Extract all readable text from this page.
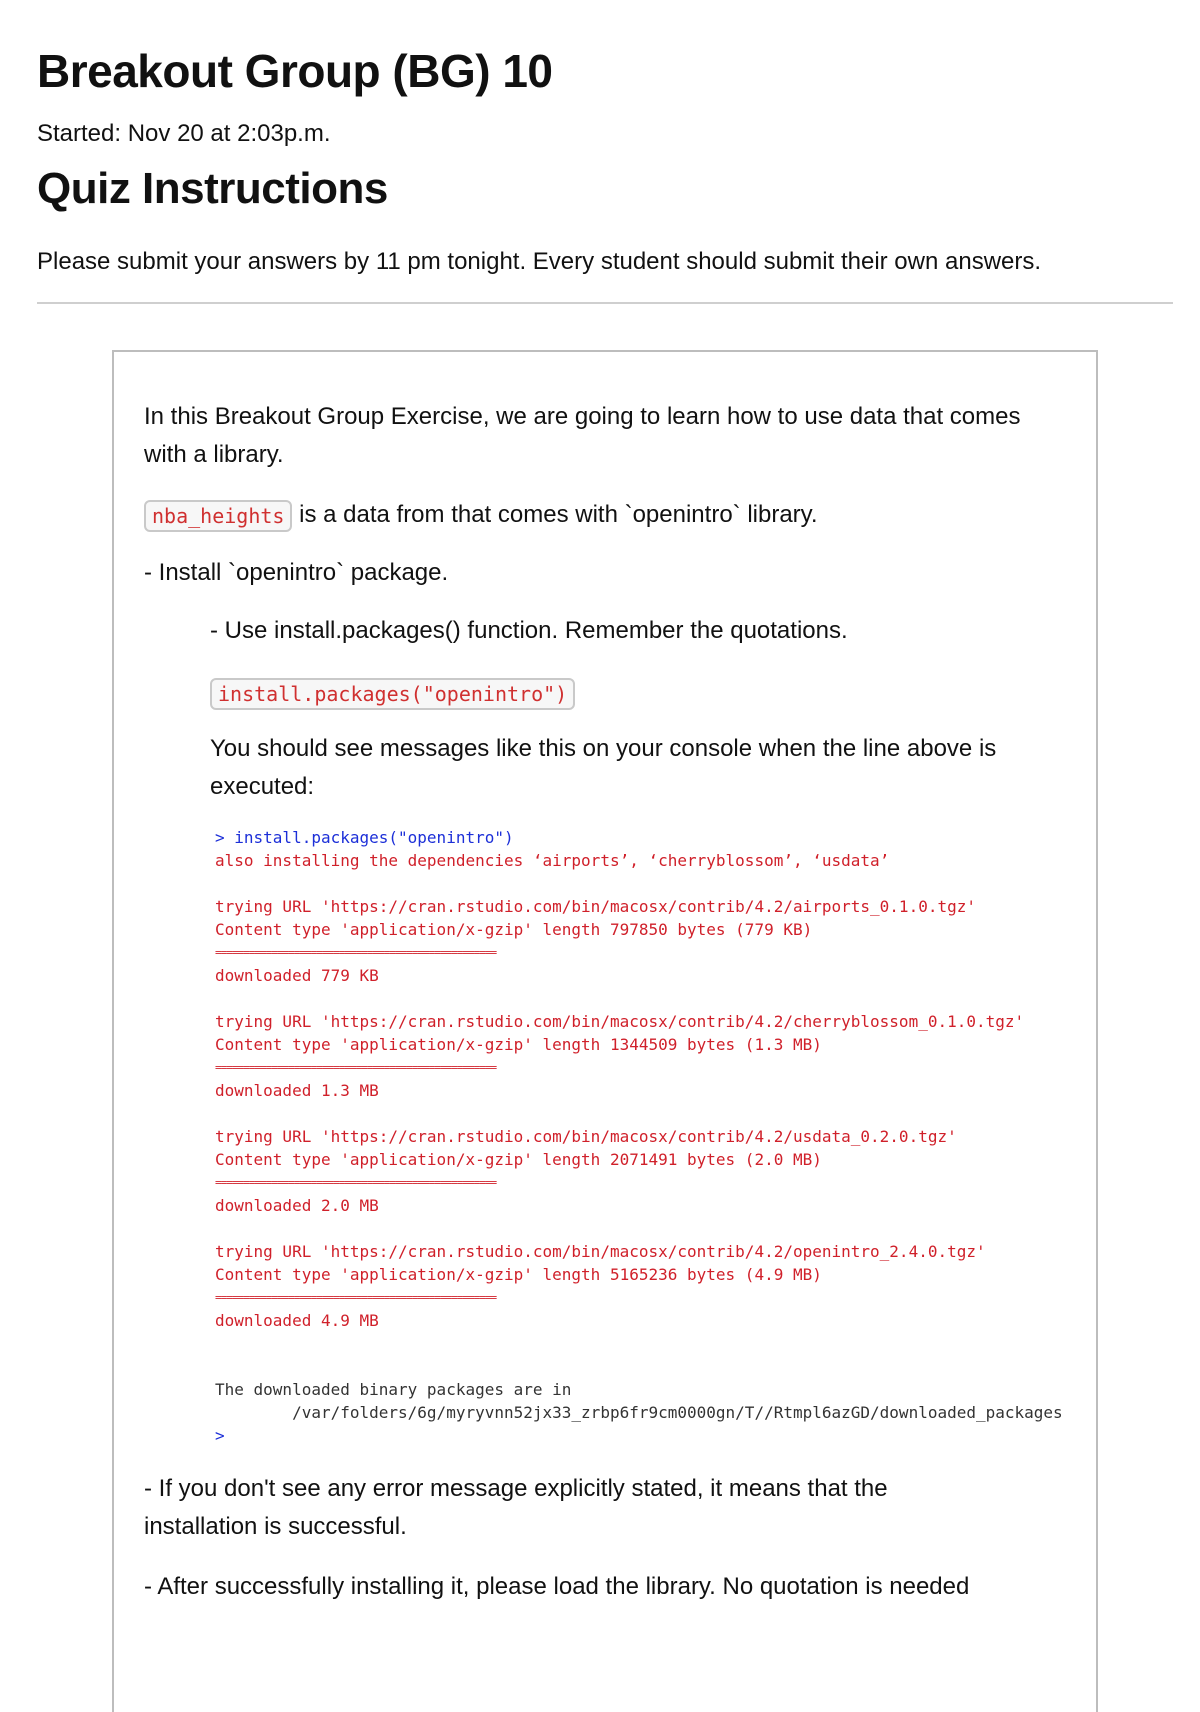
Breakout Group (BG) 10
Started: Nov 20 at 2:03p.m.
Quiz Instructions
Please submit your answers by 11 pm tonight. Every student should submit their own answers.
In this Breakout Group Exercise, we are going to learn how to use data that comes with a library.
nba_heights is a data from that comes with `openintro` library.
- Install `openintro` package.
- Use install.packages() function. Remember the quotations.
install.packages("openintro")
You should see messages like this on your console when the line above is executed:
> install.packages("openintro")
also installing the dependencies ‘airports’, ‘cherryblossom’, ‘usdata’
trying URL 'https://cran.rstudio.com/bin/macosx/contrib/4.2/airports_0.1.0.tgz'
Content type 'application/x-gzip' length 797850 bytes (779 KB)
==================================================
downloaded 779 KB
trying URL 'https://cran.rstudio.com/bin/macosx/contrib/4.2/cherryblossom_0.1.0.tgz'
Content type 'application/x-gzip' length 1344509 bytes (1.3 MB)
==================================================
downloaded 1.3 MB
trying URL 'https://cran.rstudio.com/bin/macosx/contrib/4.2/usdata_0.2.0.tgz'
Content type 'application/x-gzip' length 2071491 bytes (2.0 MB)
==================================================
downloaded 2.0 MB
trying URL 'https://cran.rstudio.com/bin/macosx/contrib/4.2/openintro_2.4.0.tgz'
Content type 'application/x-gzip' length 5165236 bytes (4.9 MB)
==================================================
downloaded 4.9 MB
The downloaded binary packages are in
/var/folders/6g/myryvnn52jx33_zrbp6fr9cm0000gn/T//Rtmpl6azGD/downloaded_packages
>
- If you don't see any error message explicitly stated, it means that the installation is successful.
- After successfully installing it, please load the library. No quotation is needed
